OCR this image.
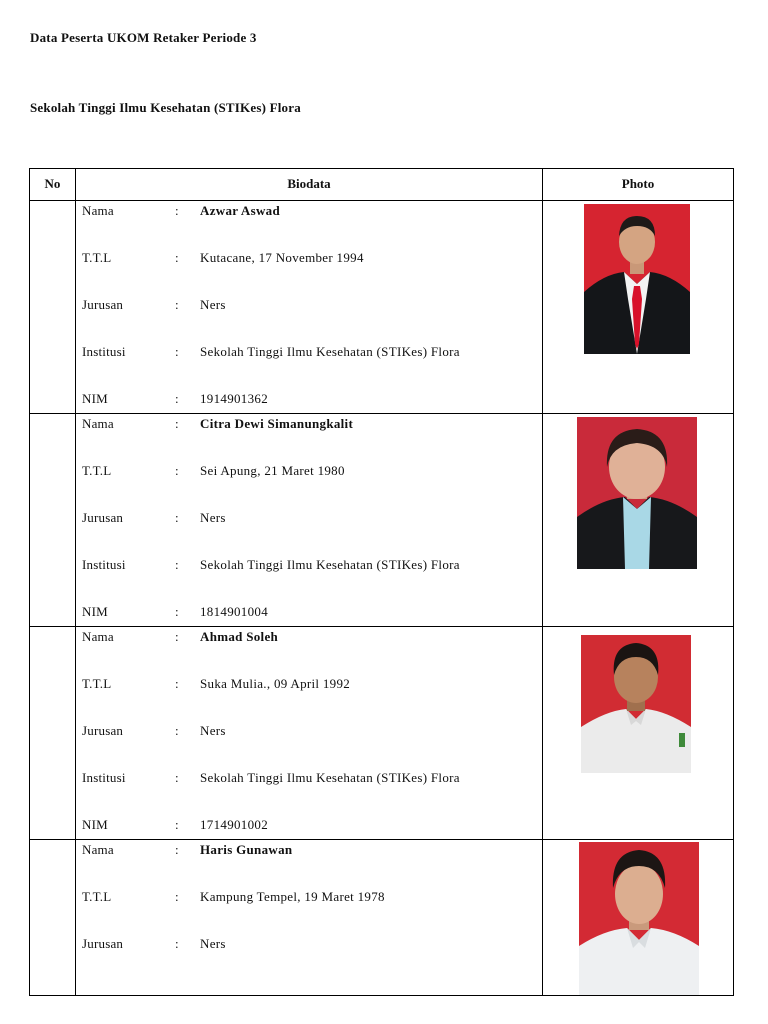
Data Peserta UKOM Retaker Periode 3
Sekolah Tinggi Ilmu Kesehatan (STIKes) Flora
No	Biodata	Photo
Nama	: Azwar Aswad
T.T.L	: Kutacane, 17 November 1994
Jurusan	: Ners
Institusi	: Sekolah Tinggi Ilmu Kesehatan (STIKes) Flora
NIM	: 1914901362
Nama	: Citra Dewi Simanungkalit
T.T.L	: Sei Apung, 21 Maret 1980
Jurusan	: Ners
Institusi	: Sekolah Tinggi Ilmu Kesehatan (STIKes) Flora
NIM	: 1814901004
Nama	: Ahmad Soleh
T.T.L	: Suka Mulia., 09 April 1992
Jurusan	: Ners
Institusi	: Sekolah Tinggi Ilmu Kesehatan (STIKes) Flora
NIM	: 1714901002
Nama	: Haris Gunawan
T.T.L	: Kampung Tempel, 19 Maret 1978
Jurusan	: Ners
